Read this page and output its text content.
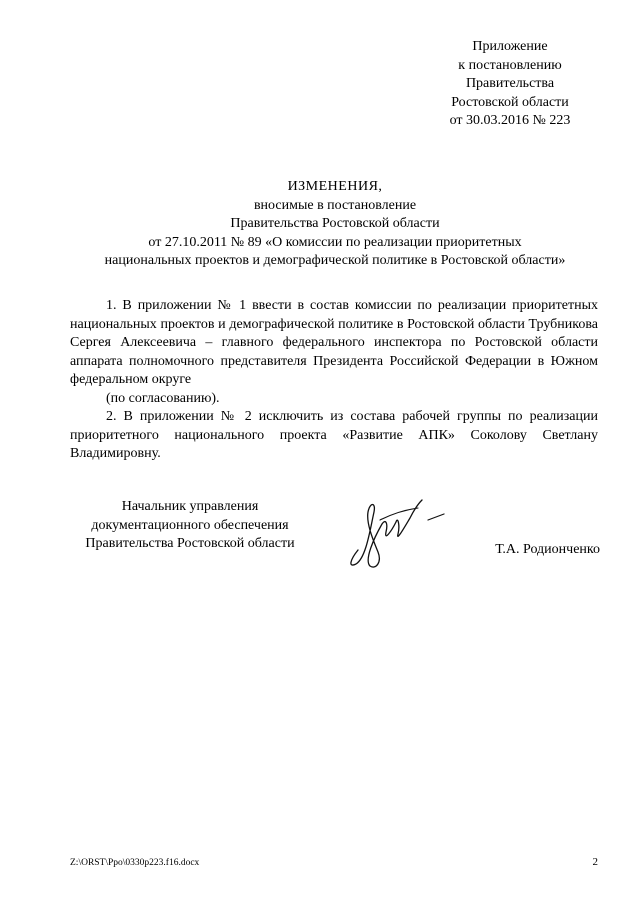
Приложение
к постановлению
Правительства
Ростовской области
от 30.03.2016 № 223
ИЗМЕНЕНИЯ,
вносимые в постановление
Правительства Ростовской области
от 27.10.2011 № 89 «О комиссии по реализации приоритетных
национальных проектов и демографической политике в Ростовской области»

1. В приложении № 1 ввести в состав комиссии по реализации приоритетных национальных проектов и демографической политике в Ростовской области Трубникова Сергея Алексеевича – главного федерального инспектора по Ростовской области аппарата полномочного представителя Президента Российской Федерации в Южном федеральном округе
(по согласованию).

2. В приложении № 2 исключить из состава рабочей группы по реализации приоритетного национального проекта «Развитие АПК» Соколову Светлану Владимировну.

Начальник управления
документационного обеспечения
Правительства Ростовской области	Т.А. Родионченко
Z:\ORST\Ppo\0330p223.f16.docx	2
